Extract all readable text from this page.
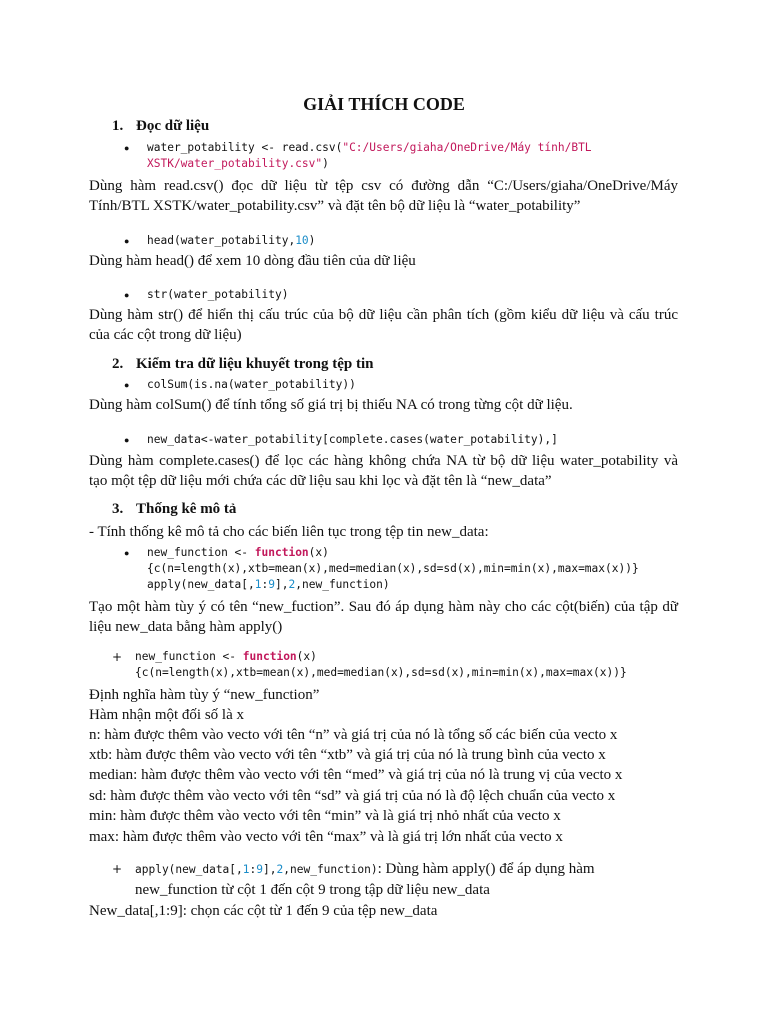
GIẢI THÍCH CODE
1. Đọc dữ liệu
● water_potability <- read.csv("C:/Users/giaha/OneDrive/Máy tính/BTL
XSTK/water_potability.csv")
Dùng hàm read.csv() đọc dữ liệu từ tệp csv có đường dẫn “C:/Users/giaha/OneDrive/Máy
Tính/BTL XSTK/water_potability.csv” và đặt tên bộ dữ liệu là “water_potability”
● head(water_potability,10)
Dùng hàm head() để xem 10 dòng đầu tiên của dữ liệu
● str(water_potability)
Dùng hàm str() để hiển thị cấu trúc của bộ dữ liệu cần phân tích (gồm kiểu dữ liệu và cấu trúc
của các cột trong dữ liệu)
2. Kiểm tra dữ liệu khuyết trong tệp tin
● colSum(is.na(water_potability))
Dùng hàm colSum() để tính tổng số giá trị bị thiếu NA có trong từng cột dữ liệu.
● new_data<-water_potability[complete.cases(water_potability),]
Dùng hàm complete.cases() để lọc các hàng không chứa NA từ bộ dữ liệu water_potability và
tạo một tệp dữ liệu mới chứa các dữ liệu sau khi lọc và đặt tên là “new_data”
3. Thống kê mô tả
- Tính thống kê mô tả cho các biến liên tục trong tệp tin new_data:
● new_function <- function(x)
{c(n=length(x),xtb=mean(x),med=median(x),sd=sd(x),min=min(x),max=max(x))}
apply(new_data[,1:9],2,new_function)
Tạo một hàm tùy ý có tên “new_fuction”. Sau đó áp dụng hàm này cho các cột(biến) của tập dữ
liệu new_data bằng hàm apply()
+ new_function <- function(x)
{c(n=length(x),xtb=mean(x),med=median(x),sd=sd(x),min=min(x),max=max(x))}
Định nghĩa hàm tùy ý “new_function”
Hàm nhận một đối số là x
n: hàm được thêm vào vecto với tên “n” và giá trị của nó là tổng số các biến của vecto x
xtb: hàm được thêm vào vecto với tên “xtb” và giá trị của nó là trung bình của vecto x
median: hàm được thêm vào vecto với tên “med” và giá trị của nó là trung vị của vecto x
sd: hàm được thêm vào vecto với tên “sd” và giá trị của nó là độ lệch chuẩn của vecto x
min: hàm được thêm vào vecto với tên “min” và là giá trị nhỏ nhất của vecto x
max: hàm được thêm vào vecto với tên “max” và là giá trị lớn nhất của vecto x
+ apply(new_data[,1:9],2,new_function): Dùng hàm apply() để áp dụng hàm
new_function từ cột 1 đến cột 9 trong tập dữ liệu new_data
New_data[,1:9]: chọn các cột từ 1 đến 9 của tệp new_data
